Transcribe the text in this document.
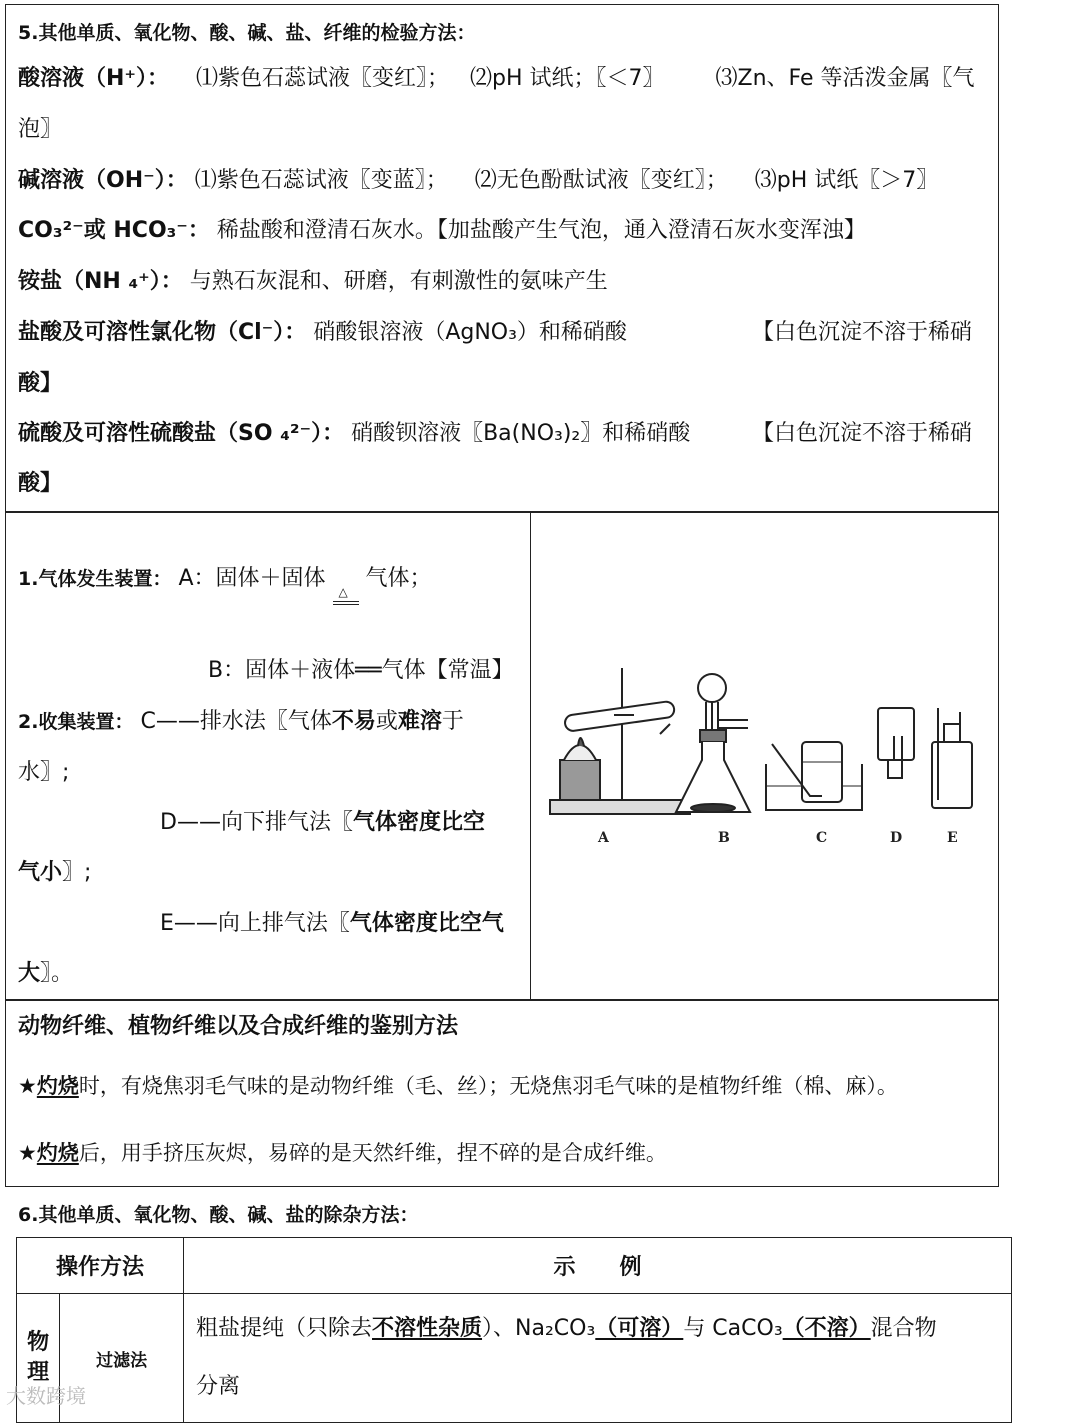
5.其他单质、氧化物、酸、碱、盐、纤维的检验方法：
酸溶液（H⁺）： ⑴紫色石蕊试液〖变红〗； ⑵pH 试纸；〖＜7〗 ⑶Zn、Fe 等活泼金属〖气
泡〗
碱溶液（OH⁻）： ⑴紫色石蕊试液〖变蓝〗； ⑵无色酚酞试液〖变红〗； ⑶pH 试纸〖＞7〗
CO₃²⁻或 HCO₃⁻： 稀盐酸和澄清石灰水。【加盐酸产生气泡，通入澄清石灰水变浑浊】
铵盐（NH ₄⁺）： 与熟石灰混和、研磨，有刺激性的氨味产生
盐酸及可溶性氯化物（Cl⁻）： 硝酸银溶液（AgNO₃）和稀硝酸	【白色沉淀不溶于稀硝
酸】
硫酸及可溶性硫酸盐（SO ₄²⁻）： 硝酸钡溶液〖Ba(NO₃)₂〗和稀硝酸	【白色沉淀不溶于稀硝
酸】
1.气体发生装置： A：固体＋固体
△
气体；
B：固体＋液体══气体【常温】
2.收集装置： C——排水法〖气体不易或难溶于
水〗;
D——向下排气法〖气体密度比空
气小〗;
E——向上排气法〖气体密度比空气
大〗。
A	B	C	D	E
动物纤维、植物纤维以及合成纤维的鉴别方法
★灼烧时，有烧焦羽毛气味的是动物纤维（毛、丝）；无烧焦羽毛气味的是植物纤维（棉、麻）。
★灼烧后，用手挤压灰烬，易碎的是天然纤维，捏不碎的是合成纤维。
6.其他单质、氧化物、酸、碱、盐的除杂方法：
操作方法		示　　例
物理	过滤法	粗盐提纯（只除去不溶性杂质）、Na₂CO₃（可溶）与 CaCO₃（不溶）混合物
分离
大数跨境
